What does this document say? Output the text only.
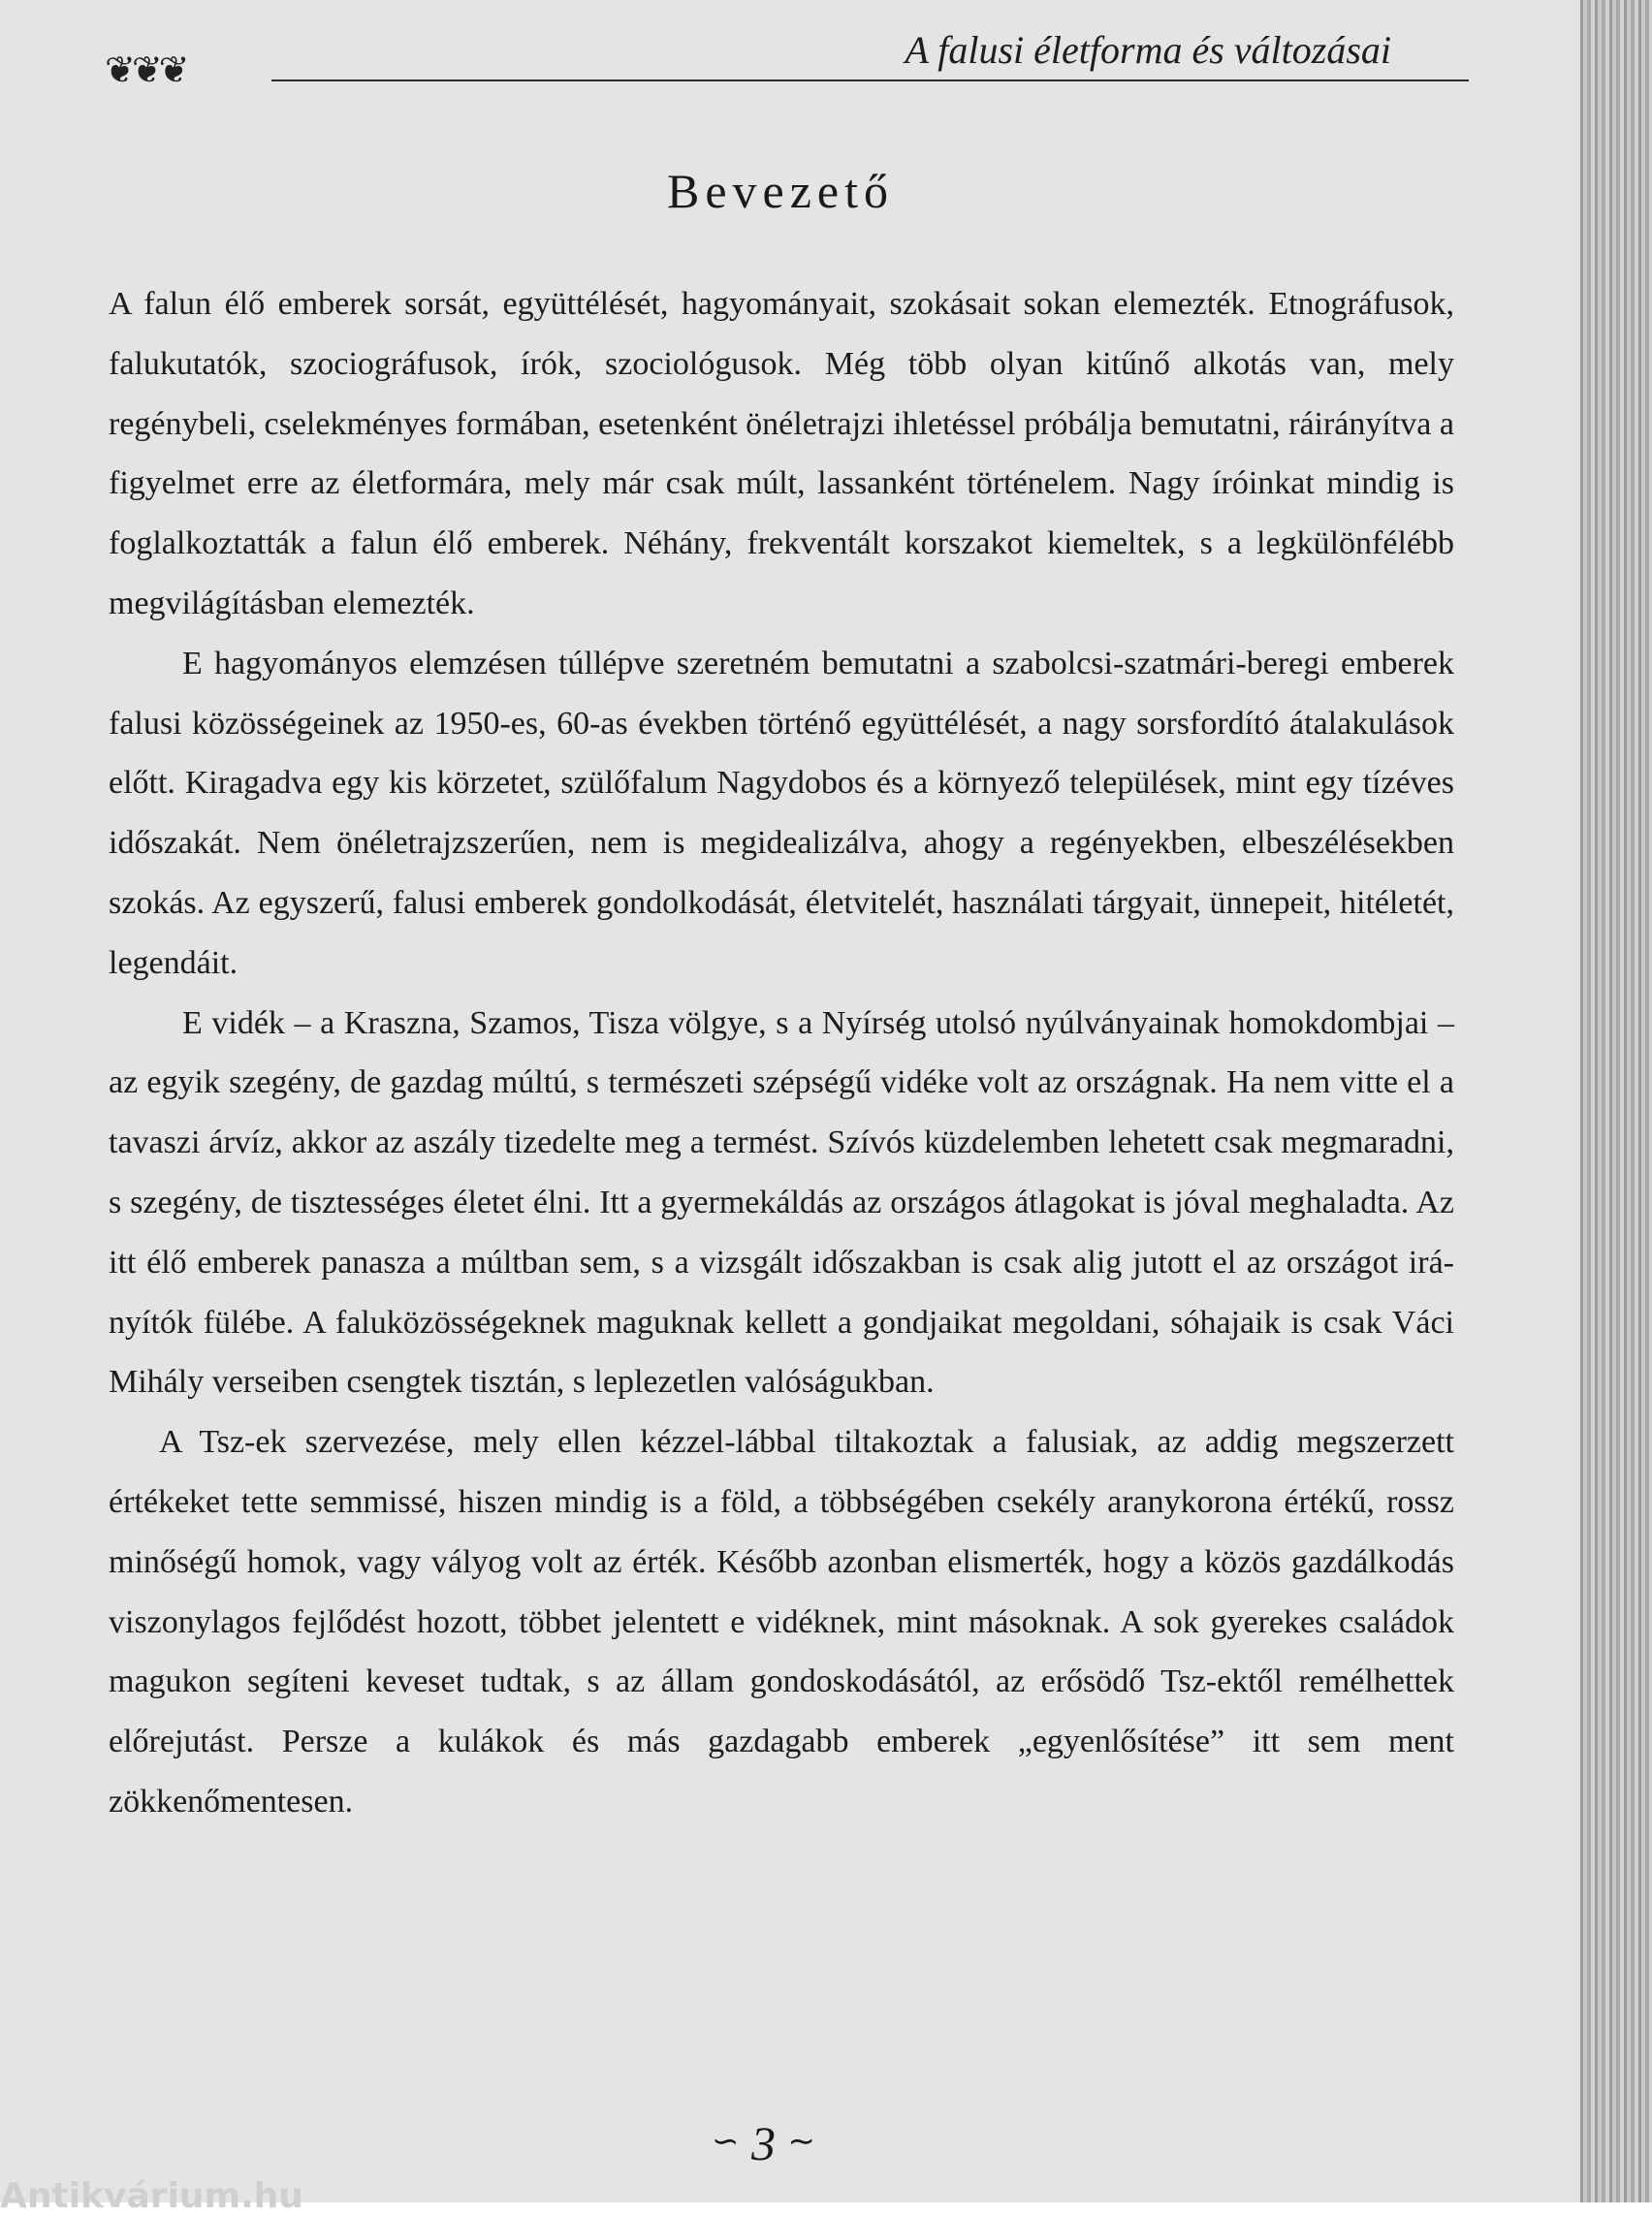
❦❦❦	A falusi életforma és változásai
Bevezető

A falun élő emberek sorsát, együttélését, hagyományait, szokásait sokan elemezték. Etnográfusok, falukutatók, szociográfusok, írók, szociológusok. Még több olyan kitűnő alkotás van, mely regénybeli, cselekményes formában, esetenként önéletrajzi ihletéssel próbálja bemutatni, ráirányítva a figyelmet erre az életformára, mely már csak múlt, lassanként történelem. Nagy íróinkat mindig is foglalkoztatták a falun élő emberek. Néhány, frekventált korszakot kiemeltek, s a legkülönfélébb megvilágításban elemezték.

E hagyományos elemzésen túllépve szeretném bemutatni a szabolcsi-szatmári-beregi emberek falusi közösségeinek az 1950-es, 60-as években történő együttélését, a nagy sorsfordító átalakulások előtt. Kiragadva egy kis körzetet, szülőfalum Nagydobos és a környező települések, mint egy tízéves időszakát. Nem önéletrajzszerűen, nem is megidealizálva, ahogy a regényekben, elbeszélésekben szokás. Az egyszerű, falusi emberek gondolkodását, életvitelét, használati tárgyait, ünnepeit, hitéletét, legendáit.

E vidék – a Kraszna, Szamos, Tisza völgye, s a Nyírség utolsó nyúlványainak homokdombjai – az egyik szegény, de gazdag múltú, s természeti szépségű vidéke volt az országnak. Ha nem vitte el a tavaszi árvíz, akkor az aszály tizedelte meg a termést. Szívós küzdelemben lehetett csak megmaradni, s szegény, de tisztességes életet élni. Itt a gyermekáldás az országos átlagokat is jóval meghaladta. Az itt élő emberek panasza a múltban sem, s a vizsgált időszakban is csak alig jutott el az országot irányítók fülébe. A faluközösségeknek maguknak kellett a gondjaikat megoldani, sóhajaik is csak Váci Mihály verseiben csengtek tisztán, s leplezetlen valóságukban.

A Tsz-ek szervezése, mely ellen kézzel-lábbal tiltakoztak a falusiak, az addig megszerzett értékeket tette semmissé, hiszen mindig is a föld, a többségében csekély aranykorona értékű, rossz minőségű homok, vagy vályog volt az érték. Később azonban elismerték, hogy a közös gazdálkodás viszonylagos fejlődést hozott, többet jelentett e vidéknek, mint másoknak. A sok gyerekes családok magukon segíteni keveset tudtak, s az állam gondoskodásától, az erősödő Tsz-ektől remélhettek előrejutást. Persze a kulákok és más gazdagabb emberek „egyenlősítése” itt sem ment zökkenőmentesen.

∽ 3 ∼
Antikvárium.hu
